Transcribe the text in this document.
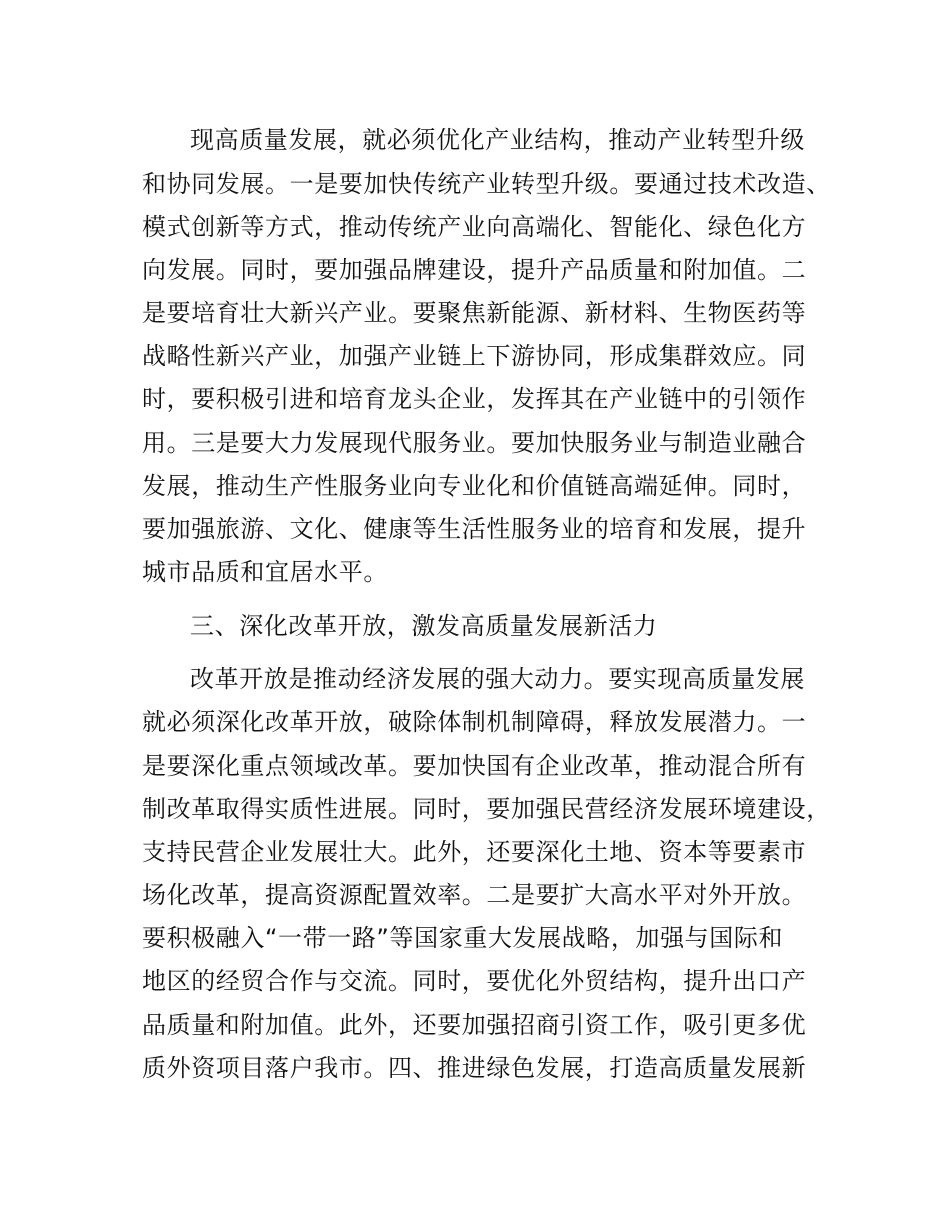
现高质量发展，就必须优化产业结构，推动产业转型升级
和协同发展。一是要加快传统产业转型升级。要通过技术改造、
模式创新等方式，推动传统产业向高端化、智能化、绿色化方
向发展。同时，要加强品牌建设，提升产品质量和附加值。二
是要培育壮大新兴产业。要聚焦新能源、新材料、生物医药等
战略性新兴产业，加强产业链上下游协同，形成集群效应。同
时，要积极引进和培育龙头企业，发挥其在产业链中的引领作
用。三是要大力发展现代服务业。要加快服务业与制造业融合
发展，推动生产性服务业向专业化和价值链高端延伸。同时，
要加强旅游、文化、健康等生活性服务业的培育和发展，提升
城市品质和宜居水平。
三、深化改革开放，激发高质量发展新活力
改革开放是推动经济发展的强大动力。要实现高质量发展
就必须深化改革开放，破除体制机制障碍，释放发展潜力。一
是要深化重点领域改革。要加快国有企业改革，推动混合所有
制改革取得实质性进展。同时，要加强民营经济发展环境建设，
支持民营企业发展壮大。此外，还要深化土地、资本等要素市
场化改革，提高资源配置效率。二是要扩大高水平对外开放。
要积极融入“一带一路”等国家重大发展战略，加强与国际和
地区的经贸合作与交流。同时，要优化外贸结构，提升出口产
品质量和附加值。此外，还要加强招商引资工作，吸引更多优
质外资项目落户我市。四、推进绿色发展，打造高质量发展新
